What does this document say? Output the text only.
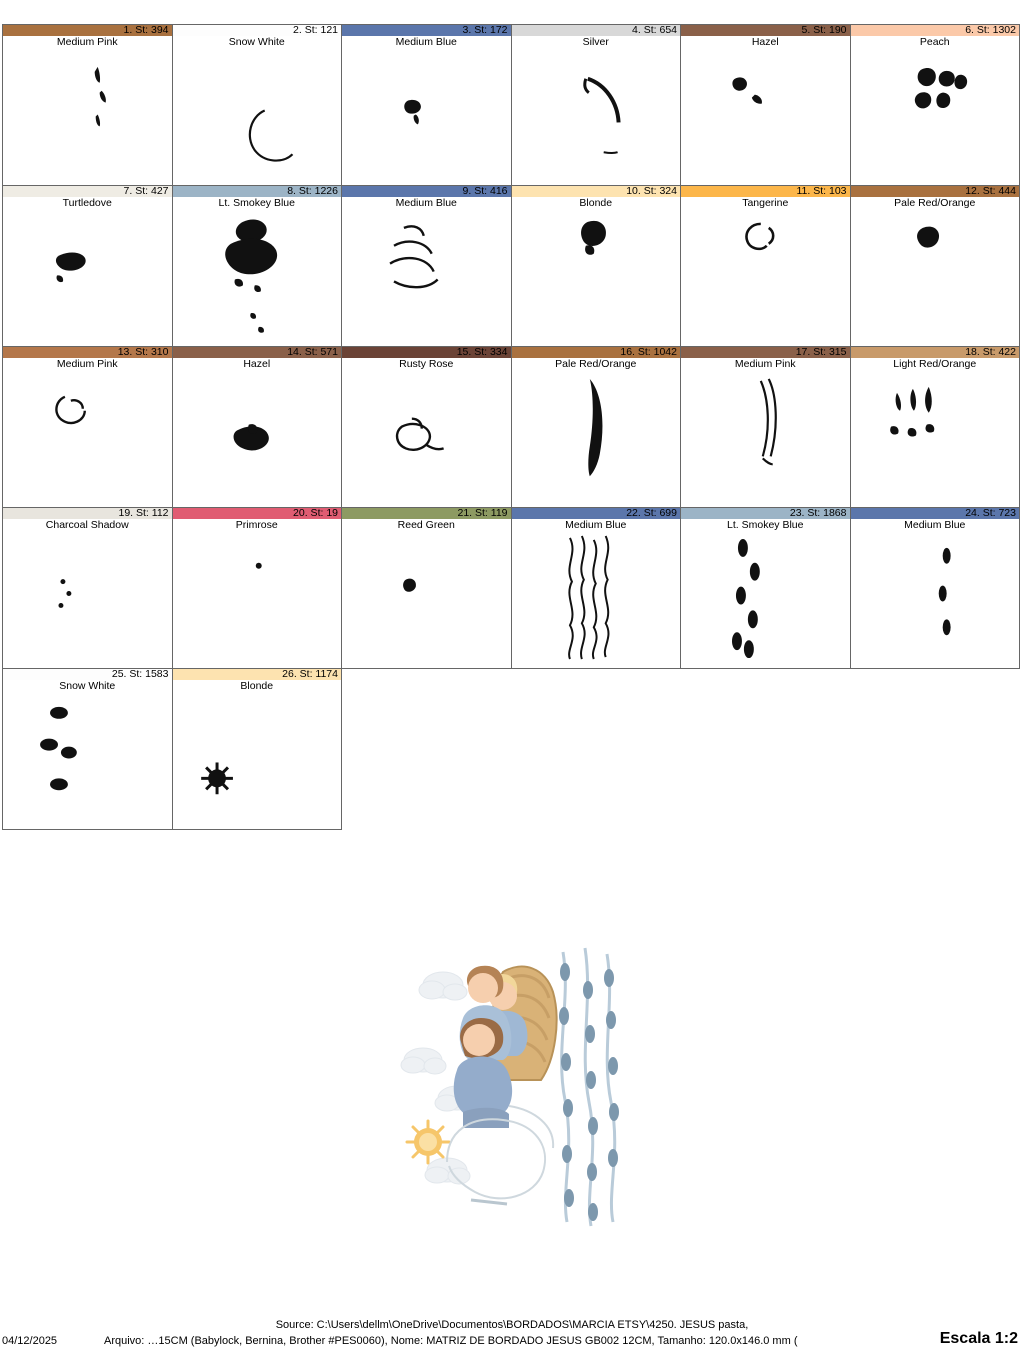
1. St: 394
Medium Pink
2. St: 121
Snow White
3. St: 172
Medium Blue
4. St: 654
Silver
5. St: 190
Hazel
6. St: 1302
Peach
7. St: 427
Turtledove
8. St: 1226
Lt. Smokey Blue
9. St: 416
Medium Blue
10. St: 324
Blonde
11. St: 103
Tangerine
12. St: 444
Pale Red/Orange
13. St: 310
Medium Pink
14. St: 571
Hazel
15. St: 334
Rusty Rose
16. St: 1042
Pale Red/Orange
17. St: 315
Medium Pink
18. St: 422
Light Red/Orange
19. St: 112
Charcoal Shadow
20. St: 19
Primrose
21. St: 119
Reed Green
22. St: 699
Medium Blue
23. St: 1868
Lt. Smokey Blue
24. St: 723
Medium Blue
25. St: 1583
Snow White
26. St: 1174
Blonde
Source: C:\Users\dellm\OneDrive\Documentos\BORDADOS\MARCIA ETSY\4250. JESUS pasta,
04/12/2025	Arquivo: …15CM (Babylock, Bernina, Brother #PES0060), Nome: MATRIZ DE BORDADO JESUS GB002 12CM, Tamanho: 120.0x146.0 mm (	Escala 1:2
